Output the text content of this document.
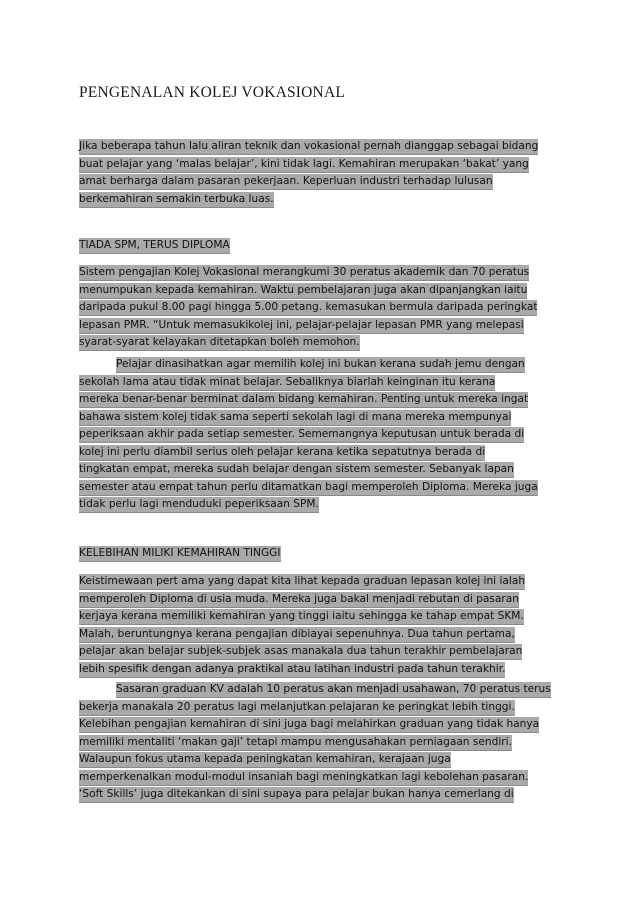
PENGENALAN KOLEJ VOKASIONAL
Jika beberapa tahun lalu aliran teknik dan vokasional pernah dianggap sebagai bidang
buat pelajar yang ‘malas belajar’, kini tidak lagi. Kemahiran merupakan ‘bakat’ yang
amat berharga dalam pasaran pekerjaan. Keperluan industri terhadap lulusan
berkemahiran semakin terbuka luas.
TIADA SPM, TERUS DIPLOMA
Sistem pengajian Kolej Vokasional merangkumi 30 peratus akademik dan 70 peratus
menumpukan kepada kemahiran. Waktu pembelajaran juga akan dipanjangkan iaitu
daripada pukul 8.00 pagi hingga 5.00 petang. kemasukan bermula daripada peringkat
lepasan PMR. “Untuk memasukikolej ini, pelajar-pelajar lepasan PMR yang melepasi
syarat-syarat kelayakan ditetapkan boleh memohon.
Pelajar dinasihatkan agar memilih kolej ini bukan kerana sudah jemu dengan
sekolah lama atau tidak minat belajar. Sebaliknya biarlah keinginan itu kerana
mereka benar-benar berminat dalam bidang kemahiran. Penting untuk mereka ingat
bahawa sistem kolej tidak sama seperti sekolah lagi di mana mereka mempunyai
peperiksaan akhir pada setiap semester. Sememangnya keputusan untuk berada di
kolej ini perlu diambil serius oleh pelajar kerana ketika sepatutnya berada di
tingkatan empat, mereka sudah belajar dengan sistem semester. Sebanyak lapan
semester atau empat tahun perlu ditamatkan bagi memperoleh Diploma. Mereka juga
tidak perlu lagi menduduki peperiksaan SPM.
KELEBIHAN MILIKI KEMAHIRAN TINGGI
Keistimewaan pert ama yang dapat kita lihat kepada graduan lepasan kolej ini ialah
memperoleh Diploma di usia muda. Mereka juga bakal menjadi rebutan di pasaran
kerjaya kerana memiliki kemahiran yang tinggi iaitu sehingga ke tahap empat SKM.
Malah, beruntungnya kerana pengajian dibiayai sepenuhnya. Dua tahun pertama,
pelajar akan belajar subjek-subjek asas manakala dua tahun terakhir pembelajaran
lebih spesifik dengan adanya praktikal atau latihan industri pada tahun terakhir.
Sasaran graduan KV adalah 10 peratus akan menjadi usahawan, 70 peratus terus
bekerja manakala 20 peratus lagi melanjutkan pelajaran ke peringkat lebih tinggi.
Kelebihan pengajian kemahiran di sini juga bagi melahirkan graduan yang tidak hanya
memiliki mentaliti ‘makan gaji’ tetapi mampu mengusahakan perniagaan sendiri.
Walaupun fokus utama kepada peningkatan kemahiran, kerajaan juga
memperkenalkan modul-modul insaniah bagi meningkatkan lagi kebolehan pasaran.
‘Soft Skills’ juga ditekankan di sini supaya para pelajar bukan hanya cemerlang di
